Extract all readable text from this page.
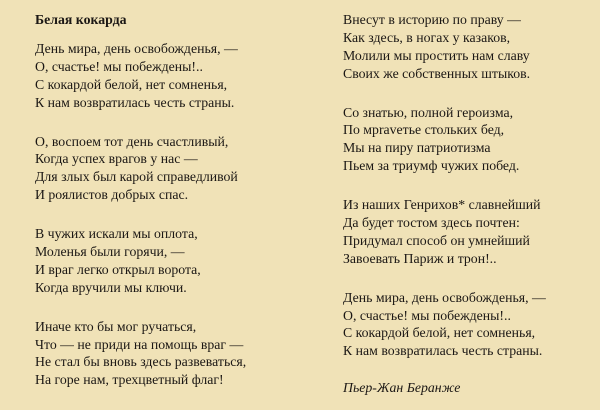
Белая кокарда
День мира, день освобожденья, —
О, счастье! мы побеждены!..
С кокардой белой, нет сомненья,
К нам возвратилась честь страны.
О, воспоем тот день счастливый,
Когда успех врагов у нас —
Для злых был карой справедливой
И роялистов добрых спас.
В чужих искали мы оплота,
Моленья были горячи, —
И враг легко открыл ворота,
Когда вручили мы ключи.
Иначе кто бы мог ручаться,
Что — не приди на помощь враг —
Не стал бы вновь здесь развеваться,
На горе нам, трехцветный флаг!
Внесут в историю по праву —
Как здесь, в ногах у казаков,
Молили мы простить нам славу
Своих же собственных штыков.
Со знатью, полной героизма,
По мpraveтье стольких бед,
Мы на пиру патриотизма
Пьем за триумф чужих побед.
Из наших Генрихов* славнейший
Да будет тостом здесь почтен:
Придумал способ он умнейший
Завоевать Париж и трон!..
День мира, день освобожденья, —
О, счастье! мы побеждены!..
С кокардой белой, нет сомненья,
К нам возвратилась честь страны.
Пьер-Жан Беранже
